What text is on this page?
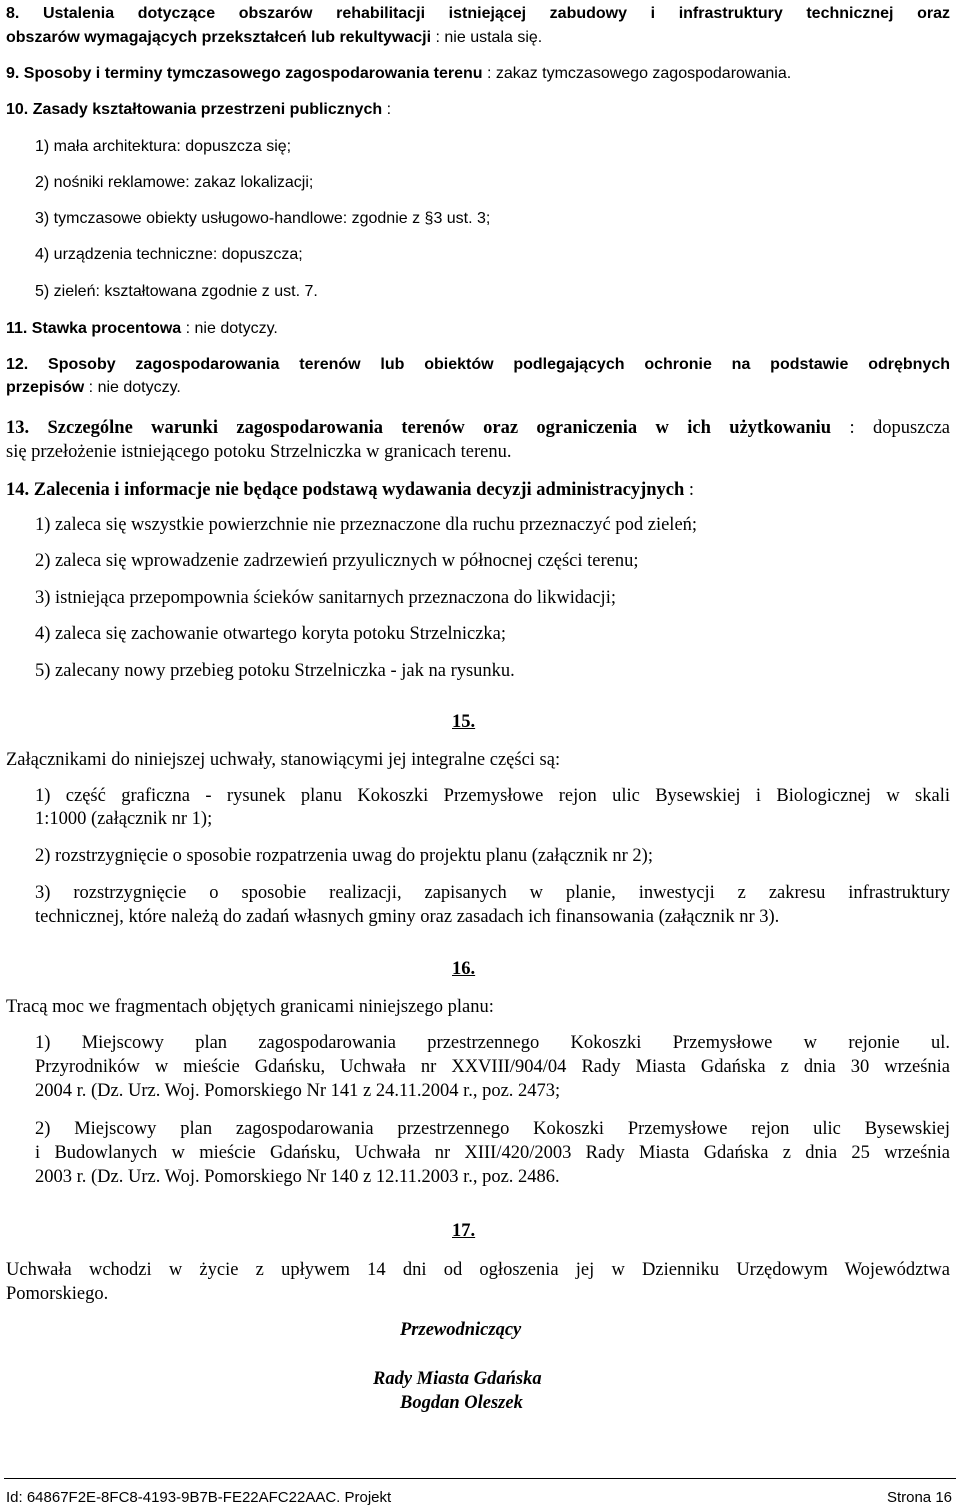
8. Ustalenia dotyczące obszarów rehabilitacji istniejącej zabudowy i infrastruktury technicznej oraz
obszarów wymagających przekształceń lub rekultywacji : nie ustala się.
9. Sposoby i terminy tymczasowego zagospodarowania terenu : zakaz tymczasowego zagospodarowania.
10. Zasady kształtowania przestrzeni publicznych :
1) mała architektura: dopuszcza się;
2) nośniki reklamowe: zakaz lokalizacji;
3) tymczasowe obiekty usługowo-handlowe: zgodnie z §3 ust. 3;
4) urządzenia techniczne: dopuszcza;
5) zieleń: kształtowana zgodnie z ust. 7.
11. Stawka procentowa : nie dotyczy.
12. Sposoby zagospodarowania terenów lub obiektów podlegających ochronie na podstawie odrębnych
przepisów : nie dotyczy.
13. Szczególne warunki zagospodarowania terenów oraz ograniczenia w ich użytkowaniu : dopuszcza
się przełożenie istniejącego potoku Strzelniczka w granicach terenu.
14. Zalecenia i informacje nie będące podstawą wydawania decyzji administracyjnych :
1) zaleca się wszystkie powierzchnie nie przeznaczone dla ruchu przeznaczyć pod zieleń;
2) zaleca się wprowadzenie zadrzewień przyulicznych w północnej części terenu;
3) istniejąca przepompownia ścieków sanitarnych przeznaczona do likwidacji;
4) zaleca się zachowanie otwartego koryta potoku Strzelniczka;
5) zalecany nowy przebieg potoku Strzelniczka - jak na rysunku.
15.
Załącznikami do niniejszej uchwały, stanowiącymi jej integralne części są:
1) część graficzna - rysunek planu Kokoszki Przemysłowe rejon ulic Bysewskiej i Biologicznej w skali
1:1000 (załącznik nr 1);
2) rozstrzygnięcie o sposobie rozpatrzenia uwag do projektu planu (załącznik nr 2);
3) rozstrzygnięcie o sposobie realizacji, zapisanych w planie, inwestycji z zakresu infrastruktury
technicznej, które należą do zadań własnych gminy oraz zasadach ich finansowania (załącznik nr 3).
16.
Tracą moc we fragmentach objętych granicami niniejszego planu:
1) Miejscowy plan zagospodarowania przestrzennego Kokoszki Przemysłowe w rejonie ul.
Przyrodników w mieście Gdańsku, Uchwała nr XXVIII/904/04 Rady Miasta Gdańska z dnia 30 września
2004 r. (Dz. Urz. Woj. Pomorskiego Nr 141 z 24.11.2004 r., poz. 2473;
2) Miejscowy plan zagospodarowania przestrzennego Kokoszki Przemysłowe rejon ulic Bysewskiej
i Budowlanych w mieście Gdańsku, Uchwała nr XIII/420/2003 Rady Miasta Gdańska z dnia 25 września
2003 r. (Dz. Urz. Woj. Pomorskiego Nr 140 z 12.11.2003 r., poz. 2486.
17.
Uchwała wchodzi w życie z upływem 14 dni od ogłoszenia jej w Dzienniku Urzędowym Województwa
Pomorskiego.
Przewodniczący
Rady Miasta Gdańska
Bogdan Oleszek
Id: 64867F2E-8FC8-4193-9B7B-FE22AFC22AAC. Projekt	Strona 16
